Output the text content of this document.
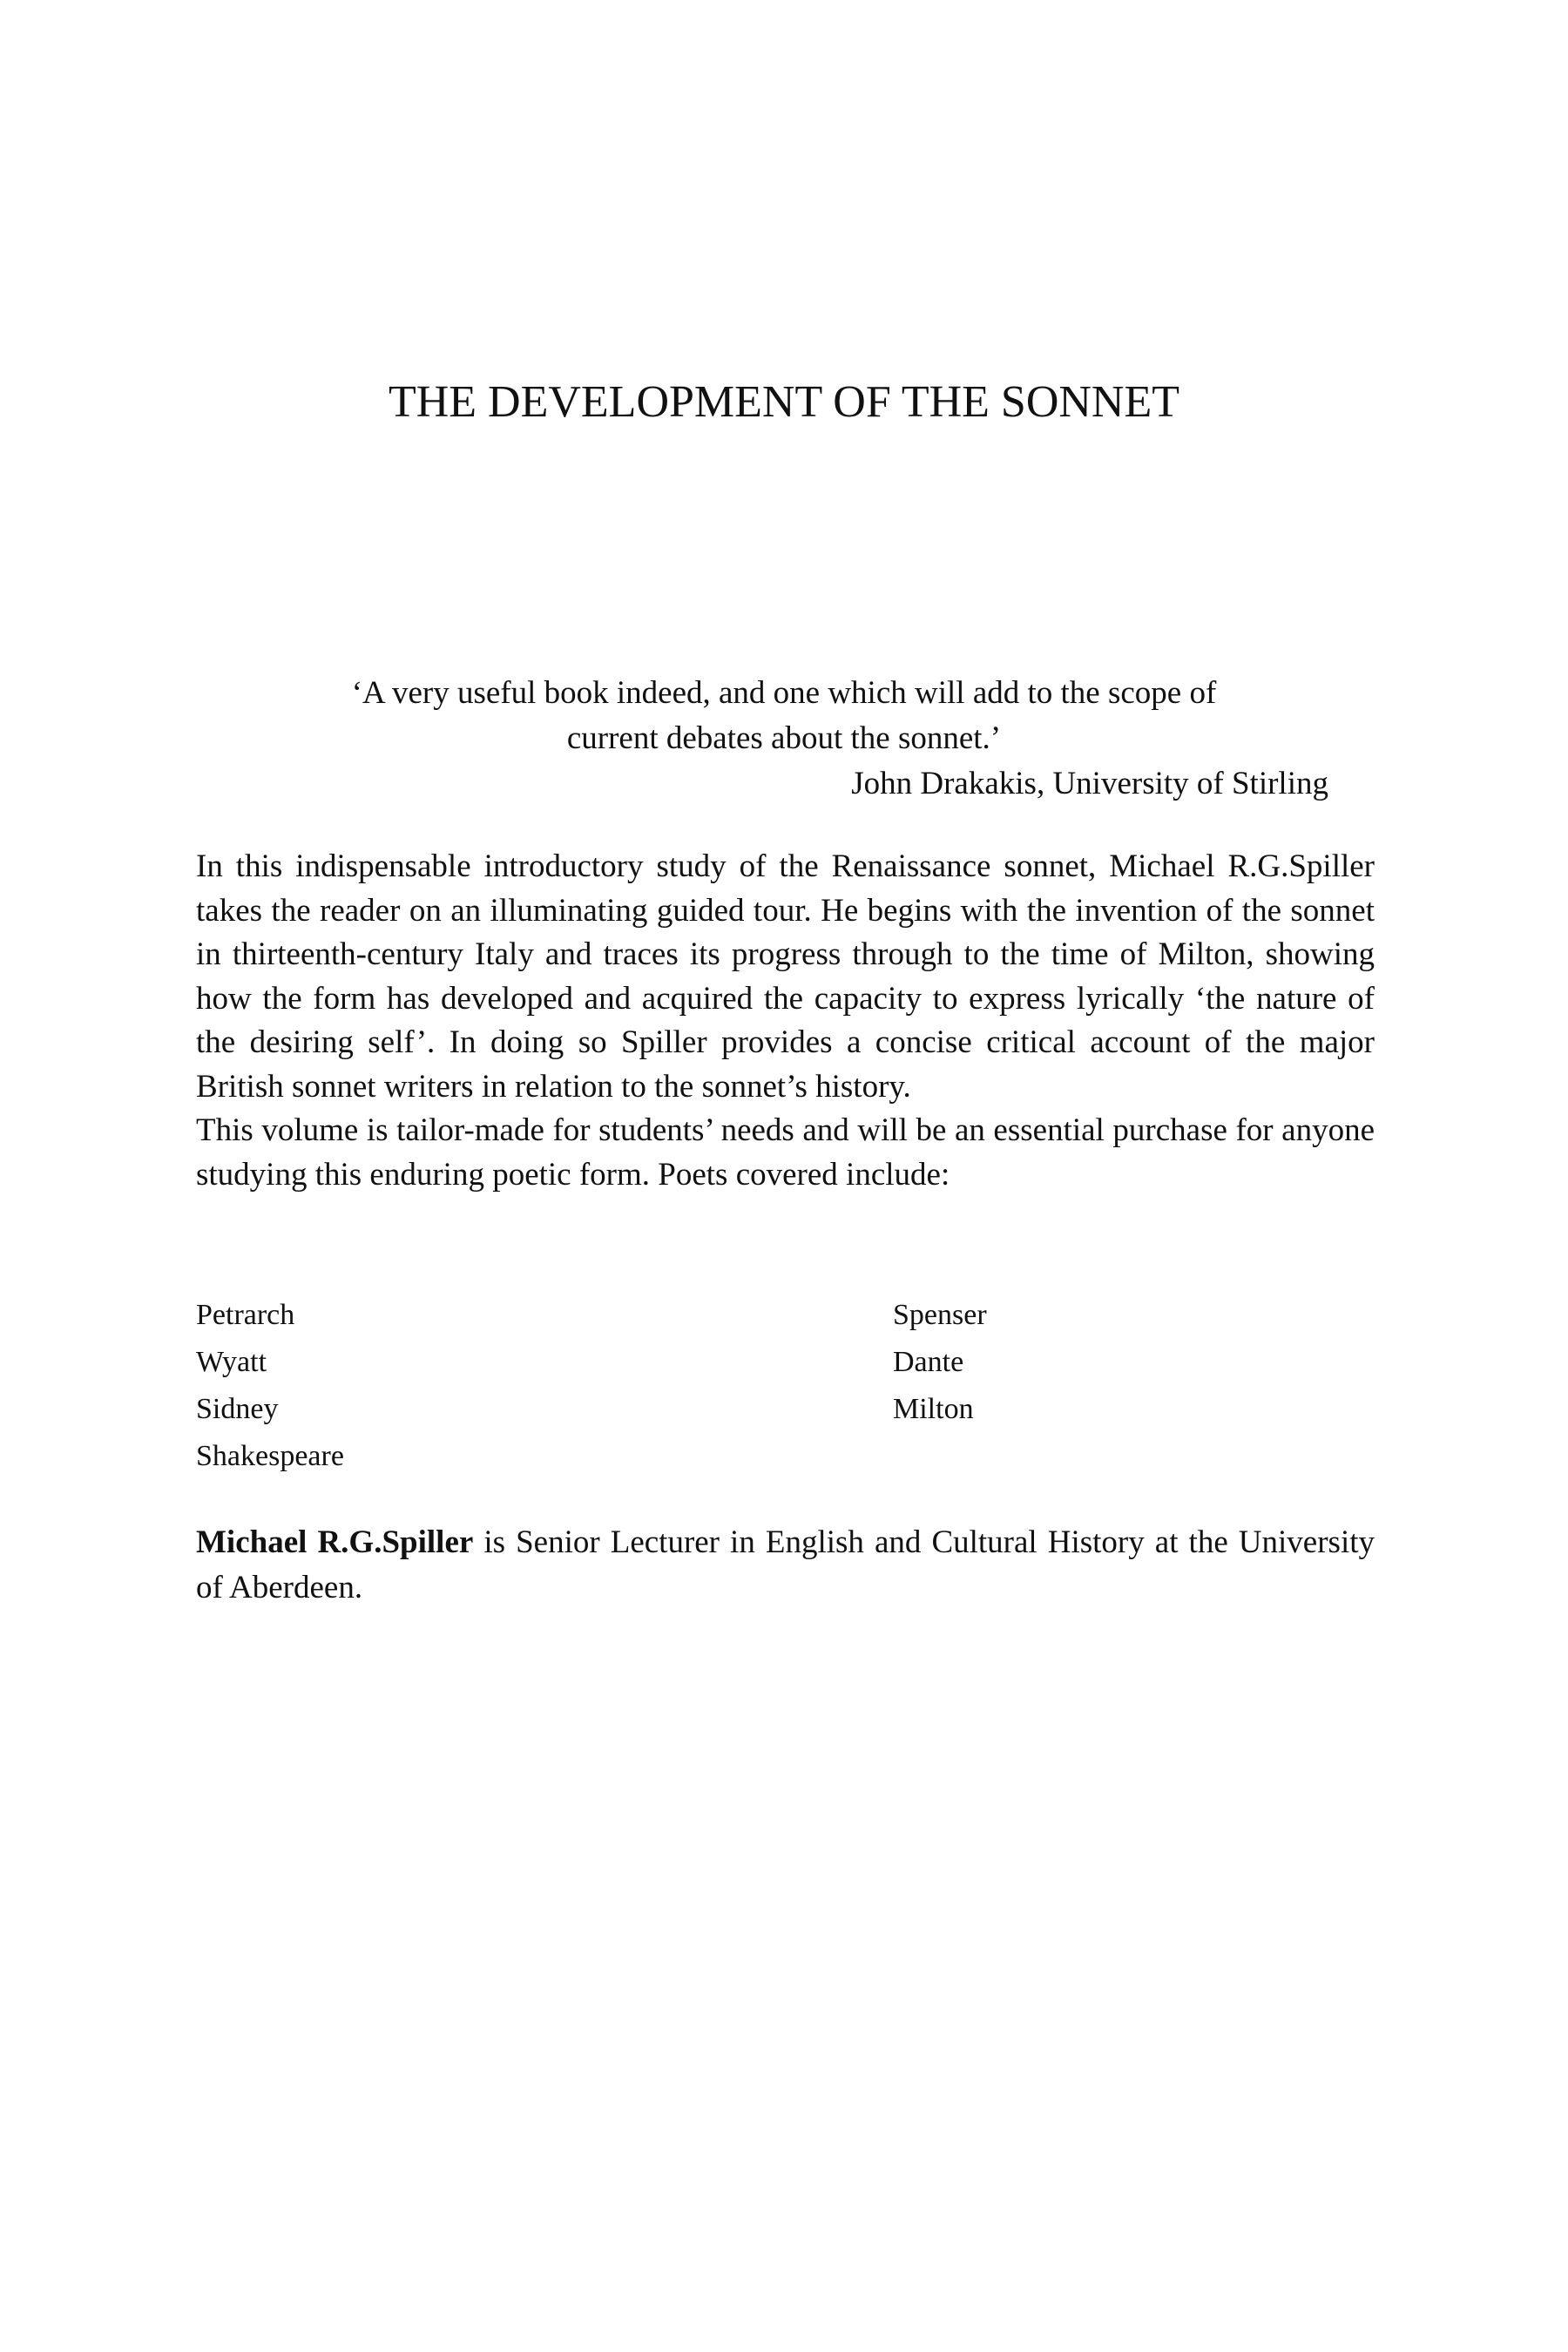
THE DEVELOPMENT OF THE SONNET
‘A very useful book indeed, and one which will add to the scope of
current debates about the sonnet.’
John Drakakis, University of Stirling

In this indispensable introductory study of the Renaissance sonnet, Michael R.G.Spiller takes the reader on an illuminating guided tour. He begins with the invention of the sonnet in thirteenth-century Italy and traces its progress through to the time of Milton, showing how the form has developed and acquired the capacity to express lyrically ‘the nature of the desiring self’. In doing so Spiller provides a concise critical account of the major British sonnet writers in relation to the sonnet’s history.

This volume is tailor-made for students’ needs and will be an essential purchase for anyone studying this enduring poetic form. Poets covered include:

Petrarch
Wyatt
Sidney
Shakespeare
Spenser
Dante
Milton
Michael R.G.Spiller is Senior Lecturer in English and Cultural History at the University of Aberdeen.
